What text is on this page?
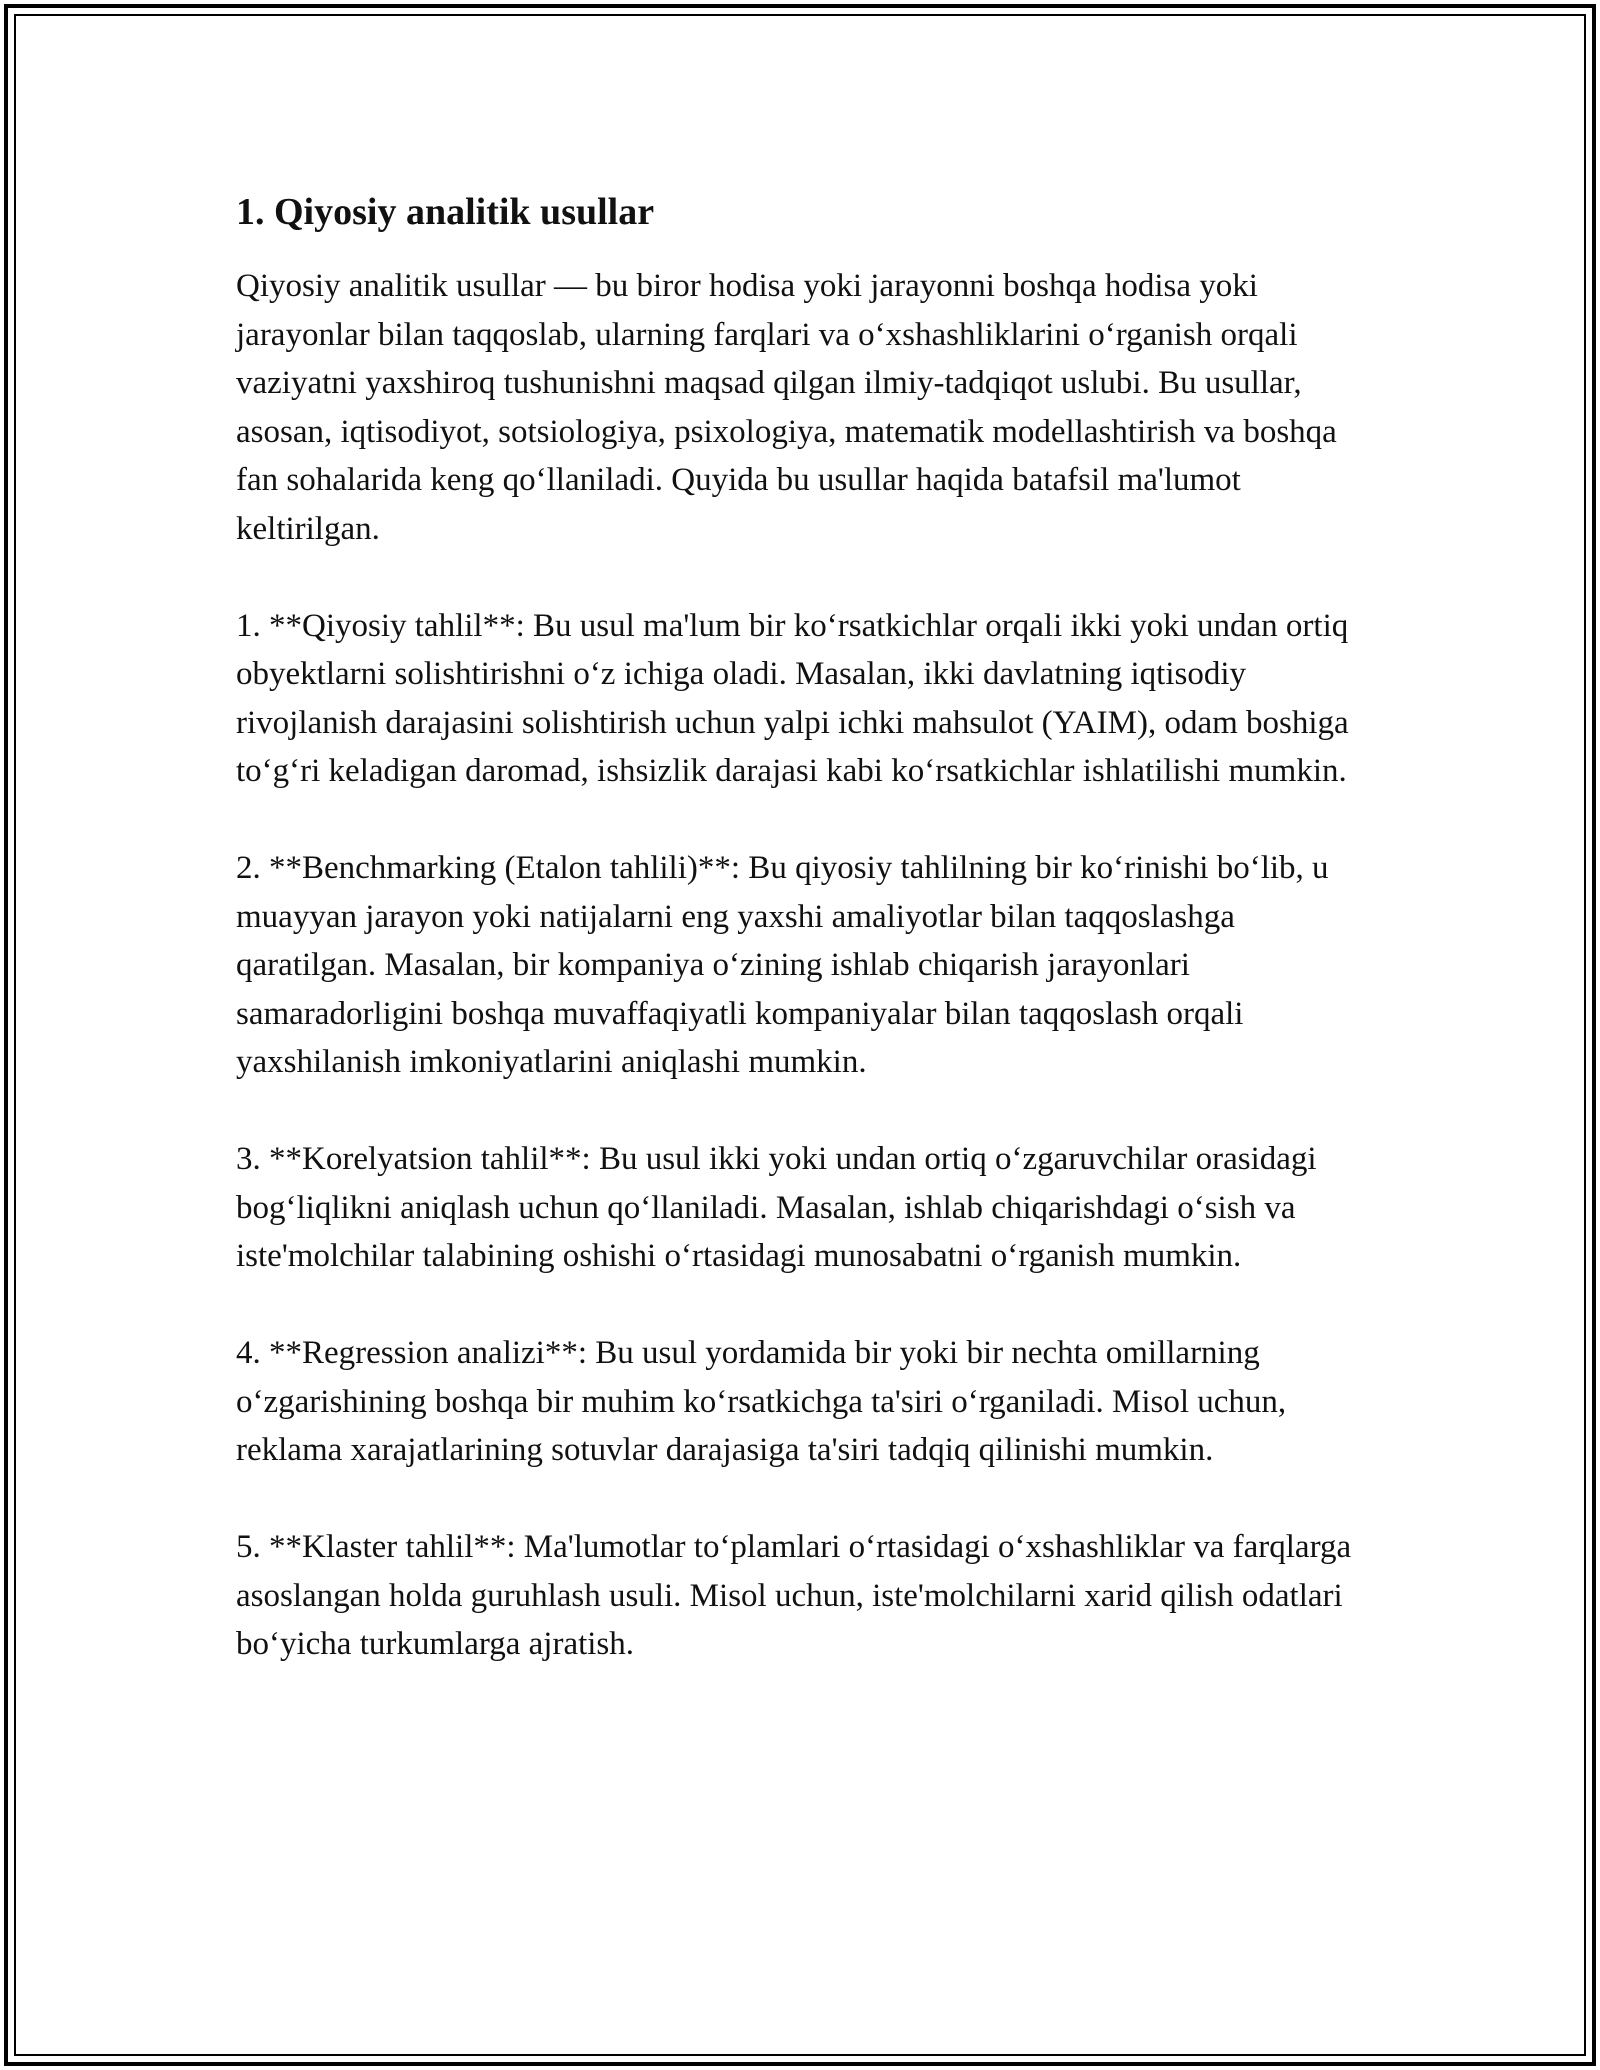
1. Qiyosiy analitik usullar

Qiyosiy analitik usullar — bu biror hodisa yoki jarayonni boshqa hodisa yoki jarayonlar bilan taqqoslab, ularning farqlari va o‘xshashliklarini o‘rganish orqali vaziyatni yaxshiroq tushunishni maqsad qilgan ilmiy-tadqiqot uslubi. Bu usullar, asosan, iqtisodiyot, sotsiologiya, psixologiya, matematik modellashtirish va boshqa fan sohalarida keng qo‘llaniladi. Quyida bu usullar haqida batafsil ma'lumot keltirilgan.

1. **Qiyosiy tahlil**: Bu usul ma'lum bir ko‘rsatkichlar orqali ikki yoki undan ortiq obyektlarni solishtirishni o‘z ichiga oladi. Masalan, ikki davlatning iqtisodiy rivojlanish darajasini solishtirish uchun yalpi ichki mahsulot (YAIM), odam boshiga to‘g‘ri keladigan daromad, ishsizlik darajasi kabi ko‘rsatkichlar ishlatilishi mumkin.

2. **Benchmarking (Etalon tahlili)**: Bu qiyosiy tahlilning bir ko‘rinishi bo‘lib, u muayyan jarayon yoki natijalarni eng yaxshi amaliyotlar bilan taqqoslashga qaratilgan. Masalan, bir kompaniya o‘zining ishlab chiqarish jarayonlari samaradorligini boshqa muvaffaqiyatli kompaniyalar bilan taqqoslash orqali yaxshilanish imkoniyatlarini aniqlashi mumkin.

3. **Korelyatsion tahlil**: Bu usul ikki yoki undan ortiq o‘zgaruvchilar orasidagi bog‘liqlikni aniqlash uchun qo‘llaniladi. Masalan, ishlab chiqarishdagi o‘sish va iste'molchilar talabining oshishi o‘rtasidagi munosabatni o‘rganish mumkin.

4. **Regression analizi**: Bu usul yordamida bir yoki bir nechta omillarning o‘zgarishining boshqa bir muhim ko‘rsatkichga ta'siri o‘rganiladi. Misol uchun, reklama xarajatlarining sotuvlar darajasiga ta'siri tadqiq qilinishi mumkin.

5. **Klaster tahlil**: Ma'lumotlar to‘plamlari o‘rtasidagi o‘xshashliklar va farqlarga asoslangan holda guruhlash usuli. Misol uchun, iste'molchilarni xarid qilish odatlari bo‘yicha turkumlarga ajratish.
